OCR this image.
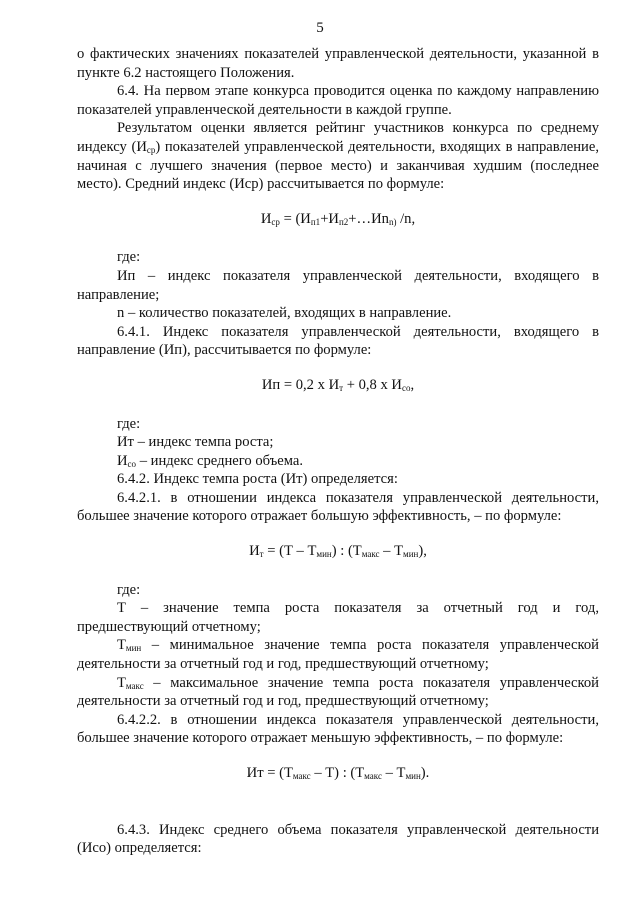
5

о фактических значениях показателей управленческой деятельности, указанной в пункте 6.2 настоящего Положения.

6.4. На первом этапе конкурса проводится оценка по каждому направлению показателей управленческой деятельности в каждой группе.

Результатом оценки является рейтинг участников конкурса по среднему индексу $(И_{ср})$ показателей управленческой деятельности, входящих в направление, начиная с лучшего значения (первое место) и заканчивая худшим (последнее место). Средний индекс (Иср) рассчитывается по формуле:

$И_{ср}$ = ($И_{п1}+И_{п2}+\dots Иn_{n)}$ /n,

где:

Ип – индекс показателя управленческой деятельности, входящего в направление;

n – количество показателей, входящих в направление.

6.4.1. Индекс показателя управленческой деятельности, входящего в направление (Ип), рассчитывается по формуле:

Ип = 0,2 х $И_т + 0,8$ х $И_{со}$,

где:

Ит – индекс темпа роста;

$И_{со}$ – индекс среднего объема.

6.4.2. Индекс темпа роста (Ит) определяется:

6.4.2.1. в отношении индекса показателя управленческой деятельности, большее значение которого отражает большую эффективность, – по формуле:

$И_т = (Т - Т_{мин})$ : $(Т_{макс} - Т_{мин})$,

где:

Т – значение темпа роста показателя за отчетный год и год, предшествующий отчетному;

$Т_{мин}$ – минимальное значение темпа роста показателя управленческой деятельности за отчетный год и год, предшествующий отчетному;

$Т_{макс}$ – максимальное значение темпа роста показателя управленческой деятельности за отчетный год и год, предшествующий отчетному;

6.4.2.2. в отношении индекса показателя управленческой деятельности, большее значение которого отражает меньшую эффективность, – по формуле:

Ит = $(Т_{макс} - Т)$ : $(Т_{макс} - Т_{мин})$.

6.4.3. Индекс среднего объема показателя управленческой деятельности (Исо) определяется:
